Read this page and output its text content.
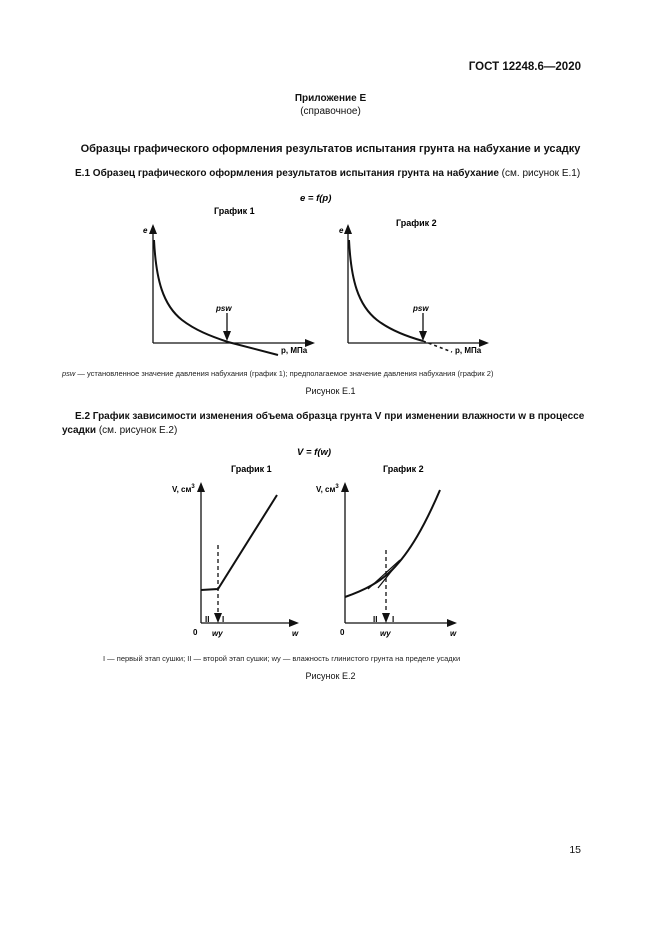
ГОСТ 12248.6—2020
Приложение Е
(справочное)
Образцы графического оформления результатов испытания грунта на набухание и усадку
Е.1 Образец графического оформления результатов испытания грунта на набухание (см. рисунок Е.1)
e = f(p)
График 1
e
psw
p, МПа
График 2
e
psw
p, МПа
psw — установленное значение давления набухания (график 1); предполагаемое значение давления набухания (график 2)
Рисунок Е.1
Е.2 График зависимости изменения объема образца грунта V при изменении влажности w в процессе
усадки (см. рисунок Е.2)
V = f(w)
График 1
V, $см^3$
II I
0 wy	w
График 2
V, $см^3$
II I
0	wy	w
I — первый этап сушки; II — второй этап сушки; wy — влажность глинистого грунта на пределе усадки
Рисунок Е.2
15
